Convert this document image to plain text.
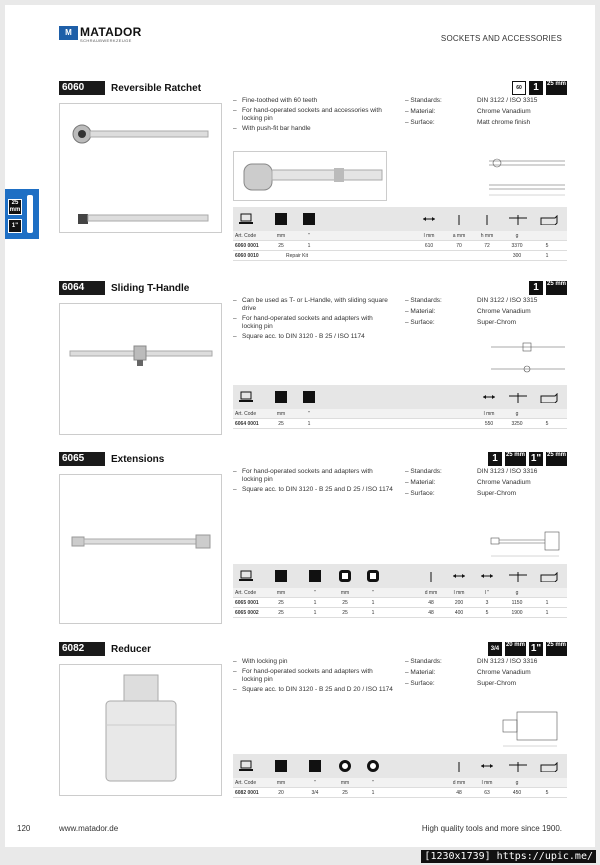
M MATADOR
SCHRAUBWERKZEUGE	SOCKETS AND ACCESSORIES
25
mm
1"
6060	Reversible Ratchet	60	1	25 mm
– Fine-toothed with 60 teeth
– For hand-operated sockets and accessories with locking pin
– With push-fit bar handle
– Standards:	DIN 3122 / ISO 3315
– Material:	Chrome Vanadium
– Surface:	Matt chrome finish
Art. Code	mm	"	l mm	a mm	h mm	g
6060 0001	25	1	610	70	72	3370	5
6060 0010	Repair Kit	300	1
6064	Sliding T-Handle	1	25 mm
– Can be used as T- or L-Handle, with sliding square drive
– For hand-operated sockets and adapters with locking pin
– Square acc. to DIN 3120 - B 25 / ISO 1174
– Standards:	DIN 3122 / ISO 3315
– Material:	Chrome Vanadium
– Surface:	Super-Chrom
Art. Code	mm	"	l mm	g
6064 0001	25	1	550	3250	5
6065	Extensions	1	25 mm 1" 25 mm
– For hand-operated sockets and adapters with locking pin
– Square acc. to DIN 3120 - B 25 and D 25 / ISO 1174
– Standards:	DIN 3123 / ISO 3316
– Material:	Chrome Vanadium
– Surface:	Super-Chrom
Art. Code	mm	"	mm	"	d mm	l mm	l "	g
6065 0001	25	1	25	1	48	200	3	1150	1
6065 0002	25	1	25	1	48	400	5	1900	1
6082	Reducer	3/4
20 mm 1" 25 mm
– With locking pin
– For hand-operated sockets and adapters with locking pin
– Square acc. to DIN 3120 - B 25 and D 20 / ISO 1174
– Standards:	DIN 3123 / ISO 3316
– Material:	Chrome Vanadium
– Surface:	Super-Chrom
Art. Code	mm	"	mm	"	d mm	l mm	g
6082 0001	20	3/4	25	1	48	63	450	5
120	www.matador.de	High quality tools and more since 1900.
[1230x1739] https://upic.me/
